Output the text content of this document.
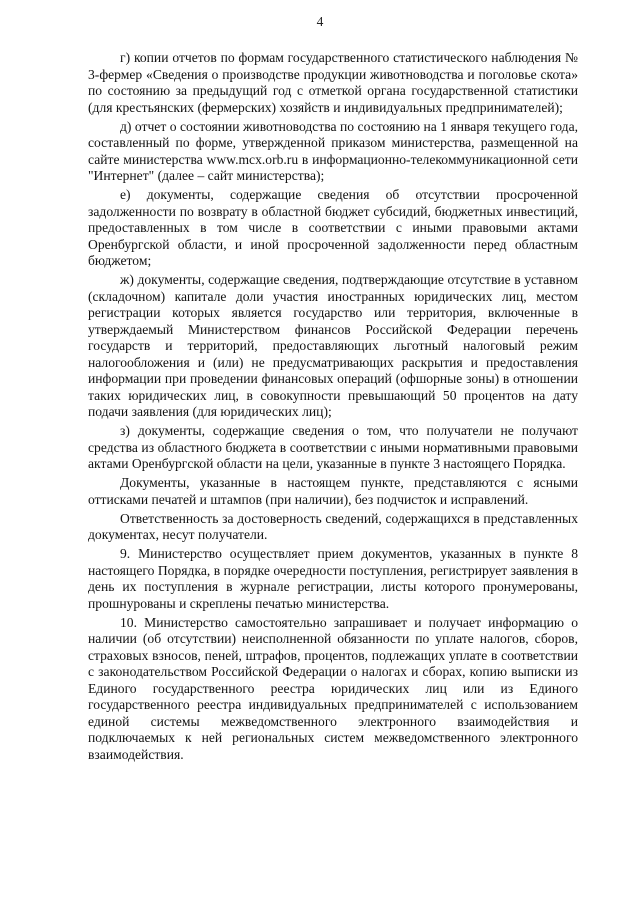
4

г) копии отчетов по формам государственного статистического наблюдения № 3-фермер «Сведения о производстве продукции животноводства и поголовье скота» по состоянию за предыдущий год с отметкой органа государственной статистики (для крестьянских (фермерских) хозяйств и индивидуальных предпринимателей);

д) отчет о состоянии животноводства по состоянию на 1 января текущего года, составленный по форме, утвержденной приказом министерства, размещенной на сайте министерства www.mcx.orb.ru в информационно-телекоммуникационной сети "Интернет" (далее – сайт министерства);

е) документы, содержащие сведения об отсутствии просроченной задолженности по возврату в областной бюджет субсидий, бюджетных инвестиций, предоставленных в том числе в соответствии с иными правовыми актами Оренбургской области, и иной просроченной задолженности перед областным бюджетом;

ж) документы, содержащие сведения, подтверждающие отсутствие в уставном (складочном) капитале доли участия иностранных юридических лиц, местом регистрации которых является государство или территория, включенные в утверждаемый Министерством финансов Российской Федерации перечень государств и территорий, предоставляющих льготный налоговый режим налогообложения и (или) не предусматривающих раскрытия и предоставления информации при проведении финансовых операций (офшорные зоны) в отношении таких юридических лиц, в совокупности превышающий 50 процентов на дату подачи заявления (для юридических лиц);

з) документы, содержащие сведения о том, что получатели не получают средства из областного бюджета в соответствии с иными нормативными правовыми актами Оренбургской области на цели, указанные в пункте 3 настоящего Порядка.

Документы, указанные в настоящем пункте, представляются с ясными оттисками печатей и штампов (при наличии), без подчисток и исправлений.

Ответственность за достоверность сведений, содержащихся в представленных документах, несут получатели.

9. Министерство осуществляет прием документов, указанных в пункте 8 настоящего Порядка, в порядке очередности поступления, регистрирует заявления в день их поступления в журнале регистрации, листы которого пронумерованы, прошнурованы и скреплены печатью министерства.

10. Министерство самостоятельно запрашивает и получает информацию о наличии (об отсутствии) неисполненной обязанности по уплате налогов, сборов, страховых взносов, пеней, штрафов, процентов, подлежащих уплате в соответствии с законодательством Российской Федерации о налогах и сборах, копию выписки из Единого государственного реестра юридических лиц или из Единого государственного реестра индивидуальных предпринимателей с использованием единой системы межведомственного электронного взаимодействия и подключаемых к ней региональных систем межведомственного электронного взаимодействия.
